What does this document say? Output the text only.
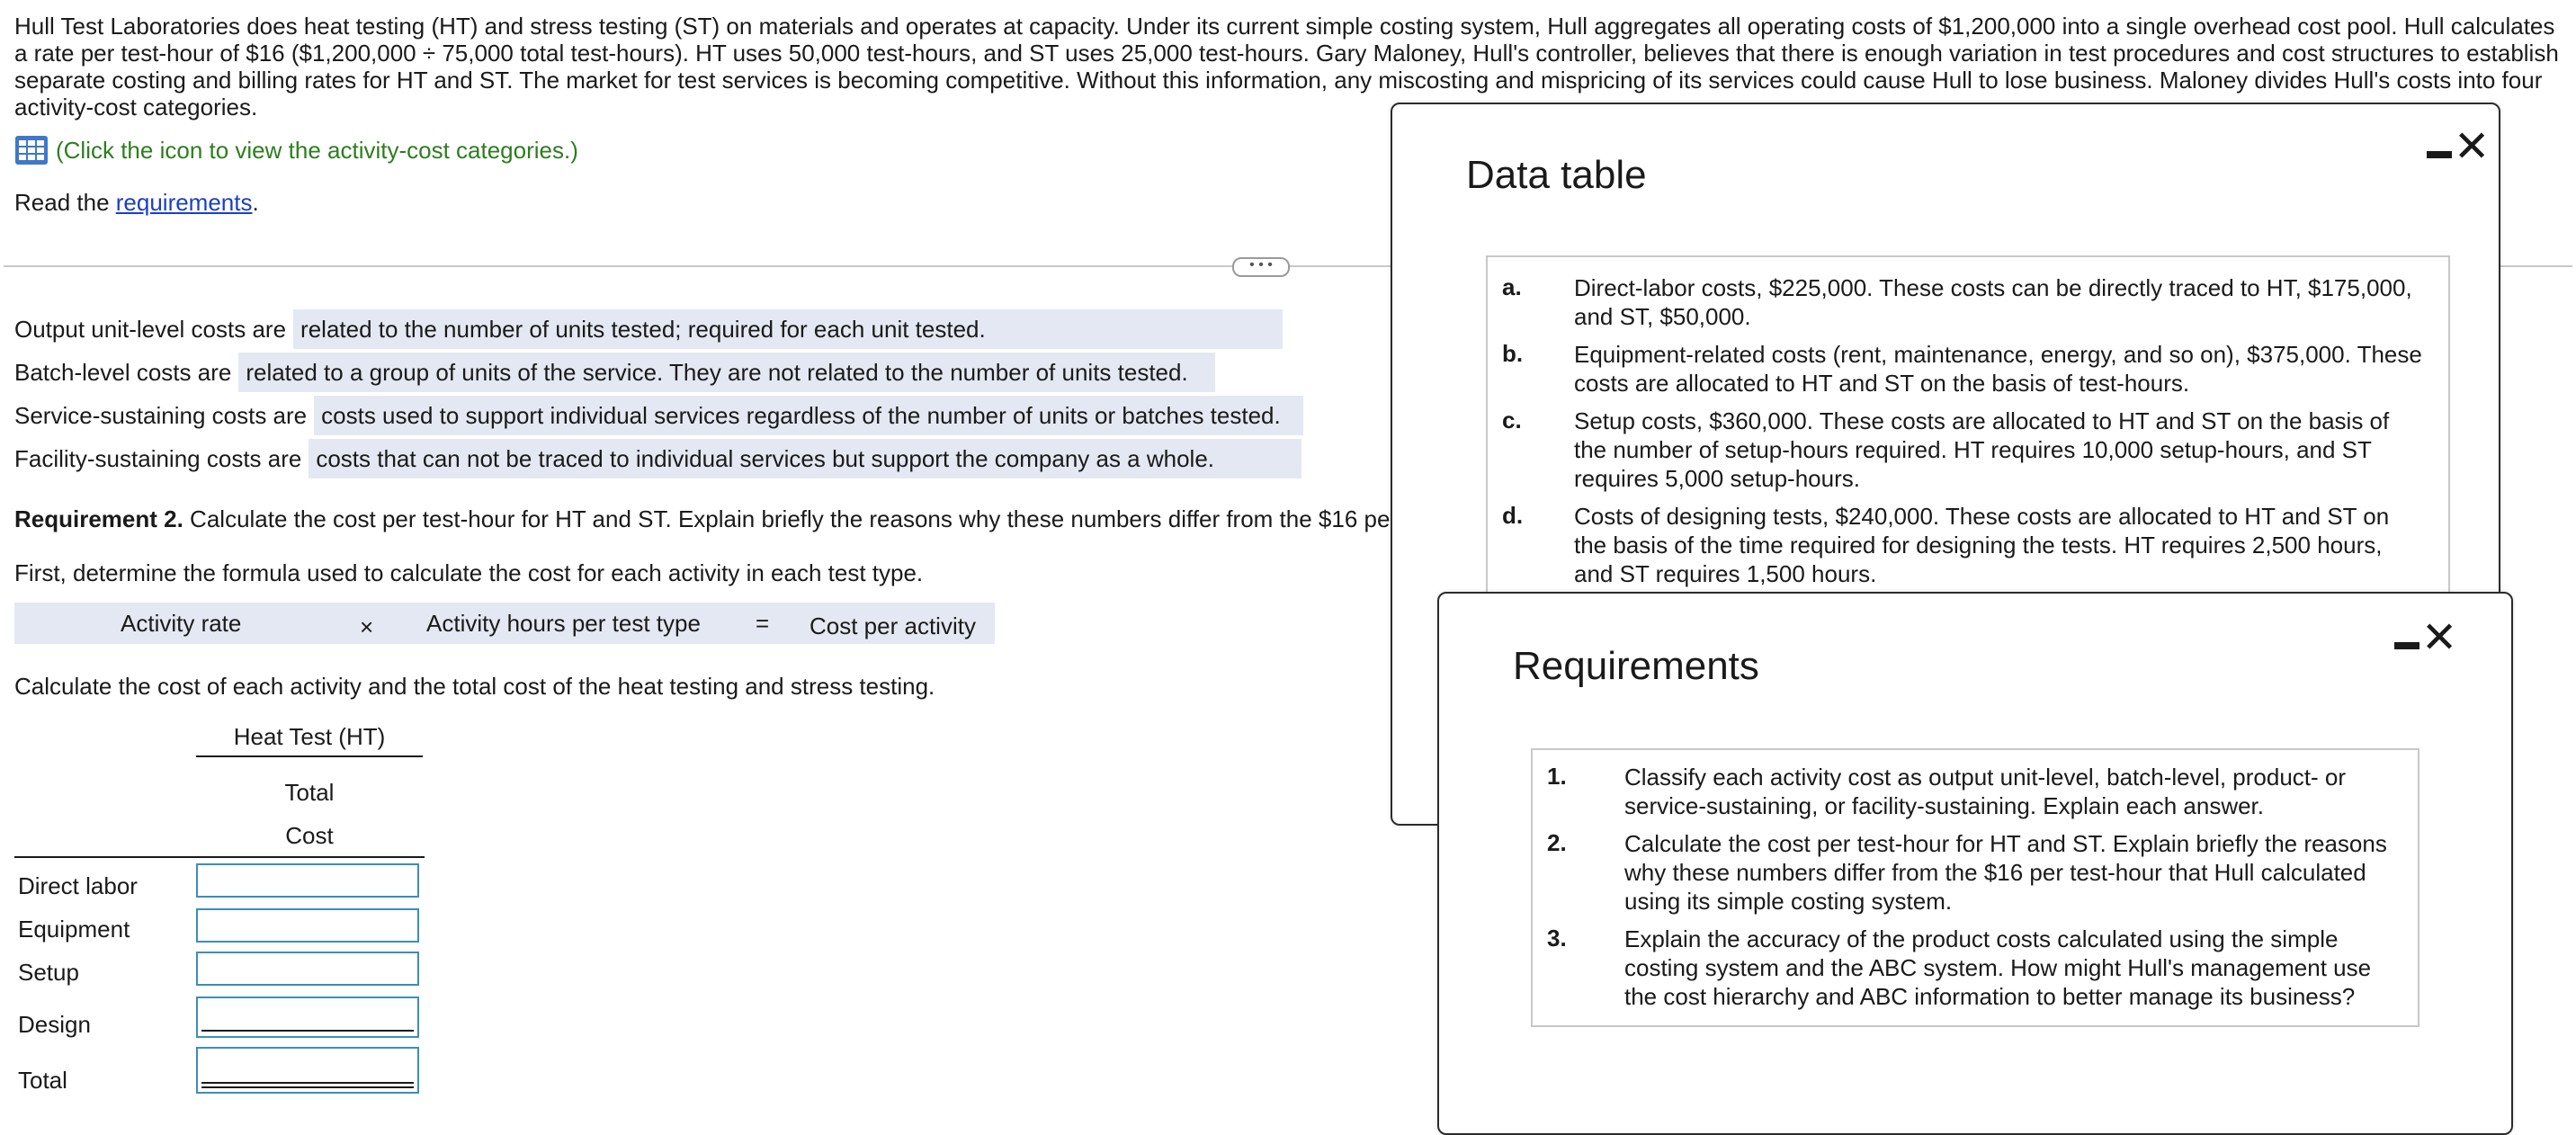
Hull Test Laboratories does heat testing (HT) and stress testing (ST) on materials and operates at capacity. Under its current simple costing system, Hull aggregates all operating costs of $1,200,000 into a single overhead cost pool. Hull calculates a rate per test-hour of $16 ($1,200,000 ÷ 75,000 total test-hours). HT uses 50,000 test-hours, and ST uses 25,000 test-hours. Gary Maloney, Hull's controller, believes that there is enough variation in test procedures and cost structures to establish separate costing and billing rates for HT and ST. The market for test services is becoming competitive. Without this information, any miscosting and mispricing of its services could cause Hull to lose business. Maloney divides Hull's costs into four activity-cost categories.
(Click the icon to view the activity-cost categories.)
Read the requirements.
• • •
Output unit-level costs are related to the number of units tested; required for each unit tested.
Batch-level costs are related to a group of units of the service. They are not related to the number of units tested.
Service-sustaining costs are costs used to support individual services regardless of the number of units or batches tested.
Facility-sustaining costs are costs that can not be traced to individual services but support the company as a whole.
Requirement 2. Calculate the cost per test-hour for HT and ST. Explain briefly the reasons why these numbers differ from the $16 pe
First, determine the formula used to calculate the cost for each activity in each test type.
Activity rate	× Activity hours per test type = Cost per activity
Calculate the cost of each activity and the total cost of the heat testing and stress testing.
Heat Test (HT)
Total
Cost
Direct labor
Equipment
Setup
Design
Total
Data table
✕
a. Direct-labor costs, $225,000. These costs can be directly traced to HT, $175,000, and ST, $50,000.
b. Equipment-related costs (rent, maintenance, energy, and so on), $375,000. These costs are allocated to HT and ST on the basis of test-hours.
c. Setup costs, $360,000. These costs are allocated to HT and ST on the basis of the number of setup-hours required. HT requires 10,000 setup-hours, and ST requires 5,000 setup-hours.
d. Costs of designing tests, $240,000. These costs are allocated to HT and ST on the basis of the time required for designing the tests. HT requires 2,500 hours, and ST requires 1,500 hours.
Requirements
✕
1. Classify each activity cost as output unit-level, batch-level, product- or service-sustaining, or facility-sustaining. Explain each answer.
2. Calculate the cost per test-hour for HT and ST. Explain briefly the reasons why these numbers differ from the $16 per test-hour that Hull calculated using its simple costing system.
3. Explain the accuracy of the product costs calculated using the simple costing system and the ABC system. How might Hull's management use the cost hierarchy and ABC information to better manage its business?
